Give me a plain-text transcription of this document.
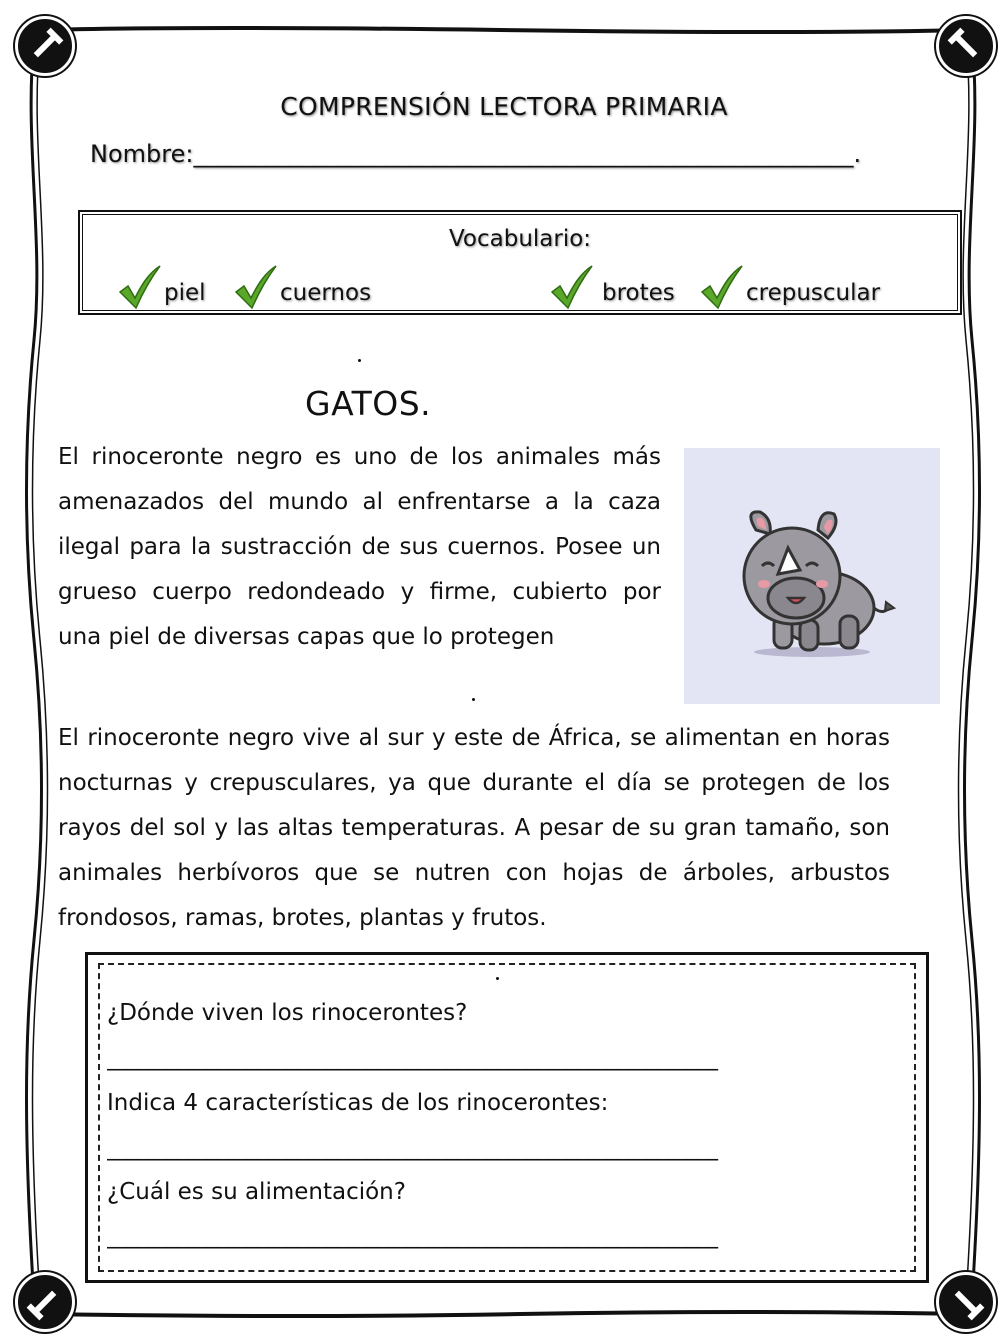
COMPRENSIÓN LECTORA PRIMARIA
Nombre:_______________________________________________________.
Vocabulario:
piel	cuernos	brotes	crepuscular
GATOS.
El rinoceronte negro es uno de los animales más amenazados del mundo al enfrentarse a la caza ilegal para la sustracción de sus cuernos. Posee un grueso cuerpo redondeado y firme, cubierto por una piel de diversas capas que lo protegen
El rinoceronte negro vive al sur y este de África, se alimentan en horas nocturnas y crepusculares, ya que durante el día se protegen de los rayos del sol y las altas temperaturas. A pesar de su gran tamaño, son animales herbívoros que se nutren con hojas de árboles, arbustos frondosos, ramas, brotes, plantas y frutos.
¿Dónde viven los rinocerontes?
_____________________________________________________________
Indica 4 características de los rinocerontes:
_____________________________________________________________
¿Cuál es su alimentación?
_____________________________________________________________
